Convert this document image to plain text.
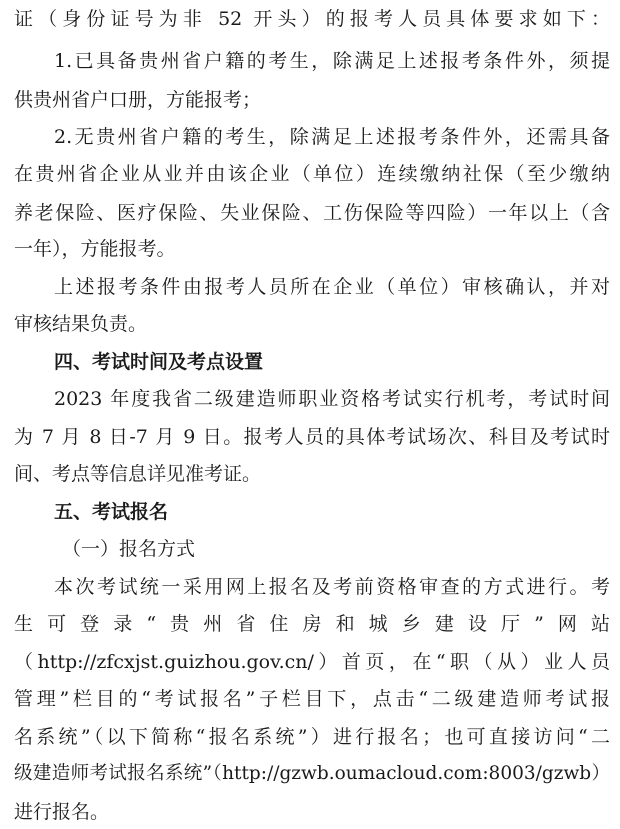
证（身份证号为非 52 开头）的报考人员具体要求如下：
1.已具备贵州省户籍的考生，除满足上述报考条件外，须提
供贵州省户口册，方能报考；
2.无贵州省户籍的考生，除满足上述报考条件外，还需具备
在贵州省企业从业并由该企业（单位）连续缴纳社保（至少缴纳
养老保险、医疗保险、失业保险、工伤保险等四险）一年以上（含
一年），方能报考。
上述报考条件由报考人员所在企业（单位）审核确认，并对
审核结果负责。
四、考试时间及考点设置
2023 年度我省二级建造师职业资格考试实行机考，考试时间
为 7 月 8 日-7 月 9 日。报考人员的具体考试场次、科目及考试时
间、考点等信息详见准考证。
五、考试报名
（一）报名方式
本次考试统一采用网上报名及考前资格审查的方式进行。考
生可登录“贵州省住房和城乡建设厅”网站
（http://zfcxjst.guizhou.gov.cn/）首页，在“职（从）业人员
管理”栏目的“考试报名”子栏目下，点击“二级建造师考试报
名系统”（以下简称“报名系统”）进行报名；也可直接访问“二
级建造师考试报名系统”（http://gzwb.oumacloud.com:8003/gzwb）
进行报名。
